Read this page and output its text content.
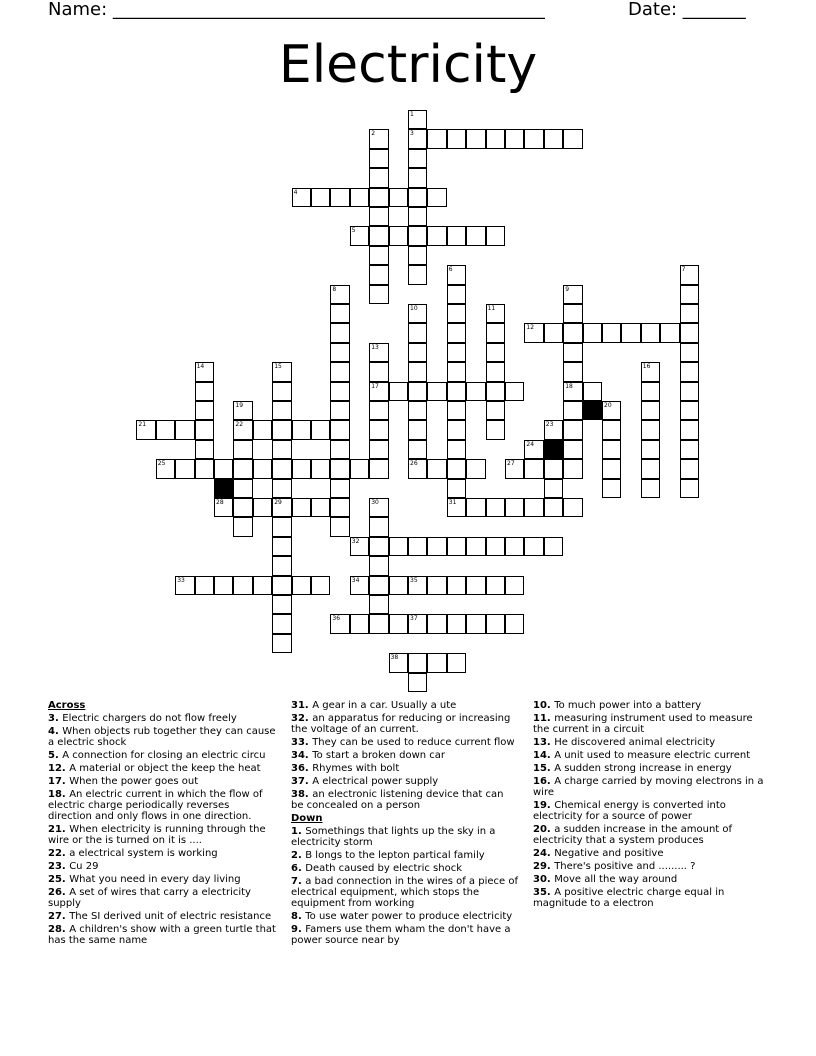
Name: ________________________________________________	Date: _______
Electricity
1
2	3
4
5
6	7
8	9
10	11
12
13
14	15	16
17	18
19	20
21	22	23
24
25	26	27
28	29	30	31
32
33	34	35
36	37
38
Across
3. Electric chargers do not flow freely
4. When objects rub together they can cause a electric shock
5. A connection for closing an electric circu
12. A material or object the keep the heat
17. When the power goes out
18. An electric current in which the flow of electric charge periodically reverses direction and only flows in one direction.
21. When electricity is running through the wire or the is turned on it is ....
22. a electrical system is working
23. Cu 29
25. What you need in every day living
26. A set of wires that carry a electricity supply
27. The SI derived unit of electric resistance
28. A children's show with a green turtle that has the same name
31. A gear in a car. Usually a ute
32. an apparatus for reducing or increasing the voltage of an current.
33. They can be used to reduce current flow
34. To start a broken down car
36. Rhymes with bolt
37. A electrical power supply
38. an electronic listening device that can be concealed on a person
Down
1. Somethings that lights up the sky in a electricity storm
2. B longs to the lepton partical family
6. Death caused by electric shock
7. a bad connection in the wires of a piece of electrical equipment, which stops the equipment from working
8. To use water power to produce electricity
9. Famers use them wham the don't have a power source near by
10. To much power into a battery
11. measuring instrument used to measure the current in a circuit
13. He discovered animal electricity
14. A unit used to measure electric current
15. A sudden strong increase in energy
16. A charge carried by moving electrons in a wire
19. Chemical energy is converted into electricity for a source of power
20. a sudden increase in the amount of electricity that a system produces
24. Negative and positive
29. There's positive and ......... ?
30. Move all the way around
35. A positive electric charge equal in magnitude to a electron
